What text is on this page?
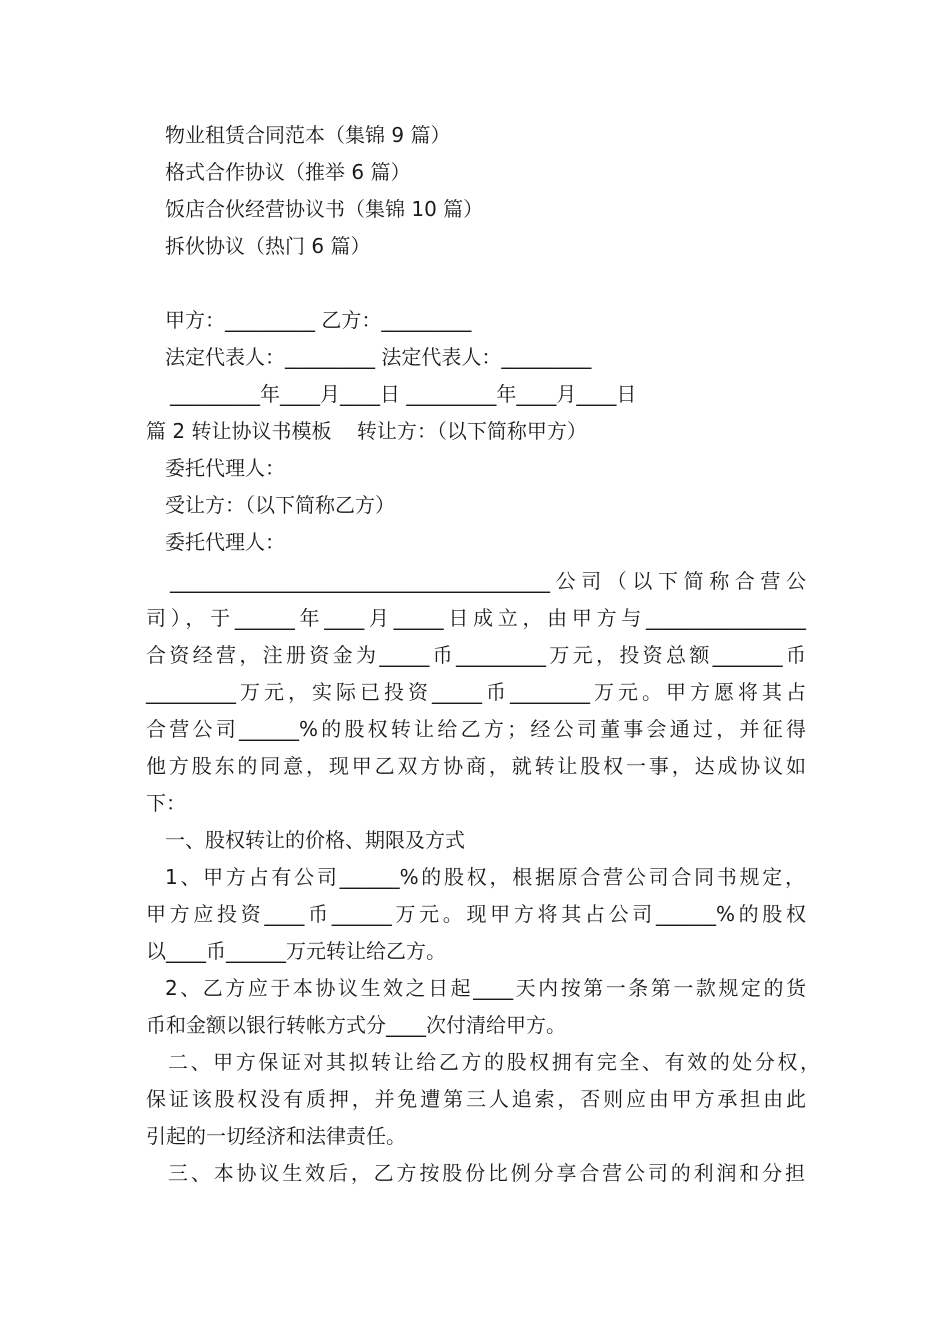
物业租赁合同范本（集锦 9 篇）
格式合作协议（推举 6 篇）
饭店合伙经营协议书（集锦 10 篇）
拆伙协议（热门 6 篇）
甲方：_________ 乙方：_________
法定代表人：_________ 法定代表人：_________
_________年____月____日 _________年____月____日
篇 2 转让协议书模板    转让方：（以下简称甲方）
委托代理人：
受让方：（以下简称乙方）
委托代理人：
______________________________________公司（以下简称合营公
司），于______年____月_____日成立，由甲方与________________
合资经营，注册资金为_____币_________万元，投资总额_______币
_________万元，实际已投资_____币________万元。甲方愿将其占
合营公司______%的股权转让给乙方；经公司董事会通过，并征得
他方股东的同意，现甲乙双方协商，就转让股权一事，达成协议如
下：
一、股权转让的价格、期限及方式
1、甲方占有公司______%的股权，根据原合营公司合同书规定，
甲方应投资____币______万元。现甲方将其占公司______%的股权
以____币______万元转让给乙方。
2、乙方应于本协议生效之日起____天内按第一条第一款规定的货
币和金额以银行转帐方式分____次付清给甲方。
二、甲方保证对其拟转让给乙方的股权拥有完全、有效的处分权，
保证该股权没有质押，并免遭第三人追索，否则应由甲方承担由此
引起的一切经济和法律责任。
三、本协议生效后，乙方按股份比例分享合营公司的利润和分担
